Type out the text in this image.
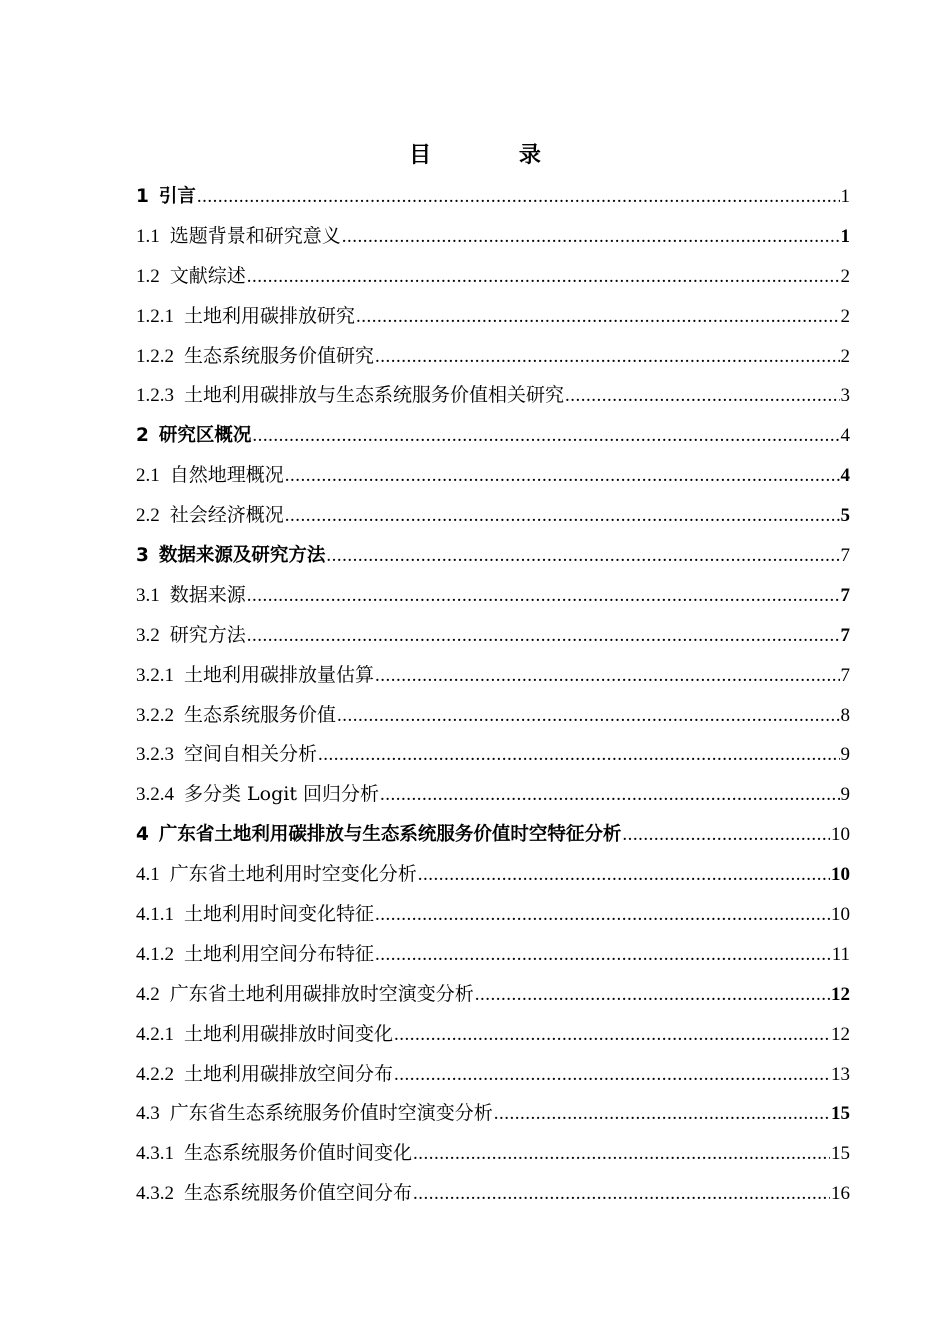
目 录
1 引言 .....	1
1.1 选题背景和研究意义 .....	1
1.2 文献综述 .....	2
1.2.1 土地利用碳排放研究 .....	2
1.2.2 生态系统服务价值研究 .....	2
1.2.3 土地利用碳排放与生态系统服务价值相关研究 .....	3
2 研究区概况 .....	4
2.1 自然地理概况 .....	4
2.2 社会经济概况 .....	5
3 数据来源及研究方法 .....	7
3.1 数据来源 .....	7
3.2 研究方法 .....	7
3.2.1 土地利用碳排放量估算 .....	7
3.2.2 生态系统服务价值 .....	8
3.2.3 空间自相关分析 .....	9
3.2.4 多分类 Logit 回归分析 .....	9
4 广东省土地利用碳排放与生态系统服务价值时空特征分析 .....	10
4.1 广东省土地利用时空变化分析 .....	10
4.1.1 土地利用时间变化特征 .....	10
4.1.2 土地利用空间分布特征 .....	11
4.2 广东省土地利用碳排放时空演变分析 .....	12
4.2.1 土地利用碳排放时间变化 .....	12
4.2.2 土地利用碳排放空间分布 .....	13
4.3 广东省生态系统服务价值时空演变分析 .....	15
4.3.1 生态系统服务价值时间变化 .....	15
4.3.2 生态系统服务价值空间分布 .....	16
